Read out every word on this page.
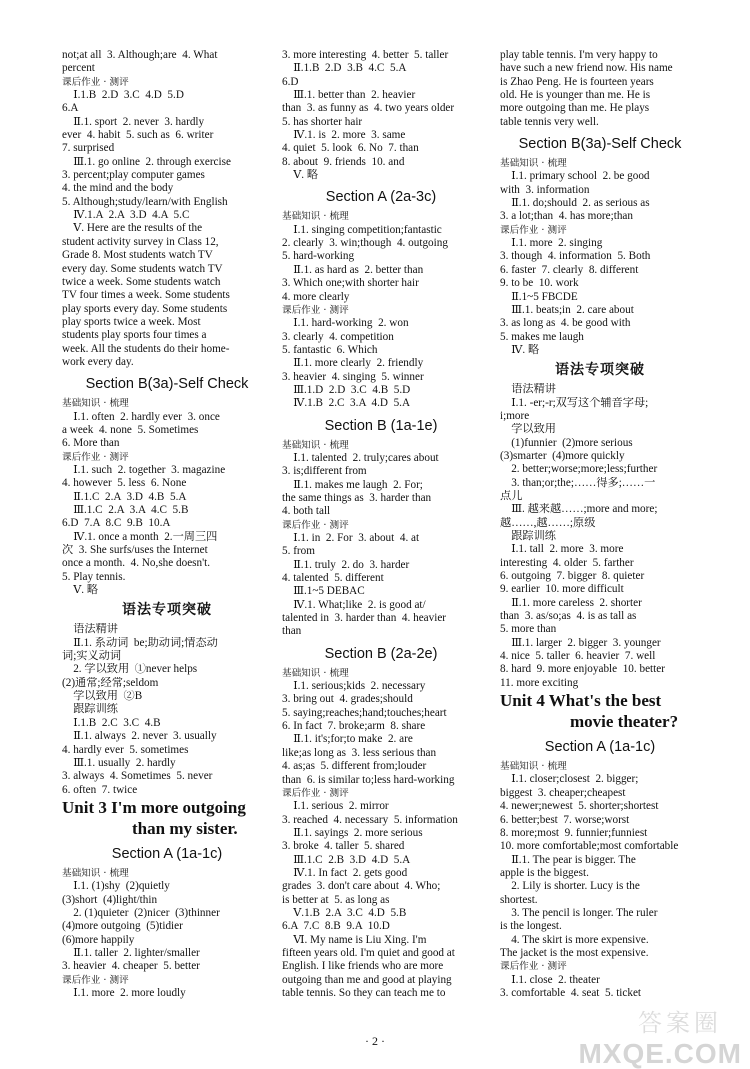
not;at all  3. Although;are  4. What
percent
课后作业 · 测评
Ⅰ.1.B  2.D  3.C  4.D  5.D
6.A
Ⅱ.1. sport  2. never  3. hardly
ever  4. habit  5. such as  6. writer
7. surprised
Ⅲ.1. go online  2. through exercise
3. percent;play computer games
4. the mind and the body
5. Although;study/learn/with English
Ⅳ.1.A  2.A  3.D  4.A  5.C
Ⅴ. Here are the results of the
student activity survey in Class 12,
Grade 8. Most students watch TV
every day. Some students watch TV
twice a week. Some students watch
TV four times a week. Some students
play sports every day. Some students
play sports twice a week. Most
students play sports four times a
week. All the students do their home-
work every day.
Section B(3a)-Self Check
基础知识 · 梳理
Ⅰ.1. often  2. hardly ever  3. once
a week  4. none  5. Sometimes
6. More than
课后作业 · 测评
Ⅰ.1. such  2. together  3. magazine
4. however  5. less  6. None
Ⅱ.1.C  2.A  3.D  4.B  5.A
Ⅲ.1.C  2.A  3.A  4.C  5.B
6.D  7.A  8.C  9.B  10.A
Ⅳ.1. once a month  2.一周三四
次  3. She surfs/uses the Internet
once a month.  4. No,she doesn't.
5. Play tennis.
Ⅴ. 略
语法专项突破
语法精讲
Ⅱ.1. 系动词  be;助动词;情态动
词;实义动词
2. 学以致用  ①never helps
(2)通常;经常;seldom
学以致用  ②B
跟踪训练
Ⅰ.1.B  2.C  3.C  4.B
Ⅱ.1. always  2. never  3. usually
4. hardly ever  5. sometimes
Ⅲ.1. usually  2. hardly
3. always  4. Sometimes  5. never
6. often  7. twice
Unit 3 I'm more outgoing
than my sister.
Section A (1a-1c)
基础知识 · 梳理
Ⅰ.1. (1)shy  (2)quietly
(3)short  (4)light/thin
2. (1)quieter  (2)nicer  (3)thinner
(4)more outgoing  (5)tidier
(6)more happily
Ⅱ.1. taller  2. lighter/smaller
3. heavier  4. cheaper  5. better
课后作业 · 测评
Ⅰ.1. more  2. more loudly
3. more interesting  4. better  5. taller
Ⅱ.1.B  2.D  3.B  4.C  5.A
6.D
Ⅲ.1. better than  2. heavier
than  3. as funny as  4. two years older
5. has shorter hair
Ⅳ.1. is  2. more  3. same
4. quiet  5. look  6. No  7. than
8. about  9. friends  10. and
Ⅴ. 略
Section A (2a-3c)
基础知识 · 梳理
Ⅰ.1. singing competition;fantastic
2. clearly  3. win;though  4. outgoing
5. hard-working
Ⅱ.1. as hard as  2. better than
3. Which one;with shorter hair
4. more clearly
课后作业 · 测评
Ⅰ.1. hard-working  2. won
3. clearly  4. competition
5. fantastic  6. Which
Ⅱ.1. more clearly  2. friendly
3. heavier  4. singing  5. winner
Ⅲ.1.D  2.D  3.C  4.B  5.D
Ⅳ.1.B  2.C  3.A  4.D  5.A
Section B (1a-1e)
基础知识 · 梳理
Ⅰ.1. talented  2. truly;cares about
3. is;different from
Ⅱ.1. makes me laugh  2. For;
the same things as  3. harder than
4. both tall
课后作业 · 测评
Ⅰ.1. in  2. For  3. about  4. at
5. from
Ⅱ.1. truly  2. do  3. harder
4. talented  5. different
Ⅲ.1~5 DEBAC
Ⅳ.1. What;like  2. is good at/
talented in  3. harder than  4. heavier
than
Section B (2a-2e)
基础知识 · 梳理
Ⅰ.1. serious;kids  2. necessary
3. bring out  4. grades;should
5. saying;reaches;hand;touches;heart
6. In fact  7. broke;arm  8. share
Ⅱ.1. it's;for;to make  2. are
like;as long as  3. less serious than
4. as;as  5. different from;louder
than  6. is similar to;less hard-working
课后作业 · 测评
Ⅰ.1. serious  2. mirror
3. reached  4. necessary  5. information
Ⅱ.1. sayings  2. more serious
3. broke  4. taller  5. shared
Ⅲ.1.C  2.B  3.D  4.D  5.A
Ⅳ.1. In fact  2. gets good
grades  3. don't care about  4. Who;
is better at  5. as long as
Ⅴ.1.B  2.A  3.C  4.D  5.B
6.A  7.C  8.B  9.A  10.D
Ⅵ. My name is Liu Xing. I'm
fifteen years old. I'm quiet and good at
English. I like friends who are more
outgoing than me and good at playing
table tennis. So they can teach me to
play table tennis. I'm very happy to
have such a new friend now. His name
is Zhao Peng. He is fourteen years
old. He is younger than me. He is
more outgoing than me. He plays
table tennis very well.
Section B(3a)-Self Check
基础知识 · 梳理
Ⅰ.1. primary school  2. be good
with  3. information
Ⅱ.1. do;should  2. as serious as
3. a lot;than  4. has more;than
课后作业 · 测评
Ⅰ.1. more  2. singing
3. though  4. information  5. Both
6. faster  7. clearly  8. different
9. to be  10. work
Ⅱ.1~5 FBCDE
Ⅲ.1. beats;in  2. care about
3. as long as  4. be good with
5. makes me laugh
Ⅳ. 略
语法专项突破
语法精讲
Ⅰ.1. -er;-r;双写这个辅音字母;
i;more
学以致用
(1)funnier  (2)more serious
(3)smarter  (4)more quickly
2. better;worse;more;less;further
3. than;or;the;……得多;……一
点儿
Ⅲ. 越来越……;more and more;
越……,越……;原级
跟踪训练
Ⅰ.1. tall  2. more  3. more
interesting  4. older  5. farther
6. outgoing  7. bigger  8. quieter
9. earlier  10. more difficult
Ⅱ.1. more careless  2. shorter
than  3. as/so;as  4. is as tall as
5. more than
Ⅲ.1. larger  2. bigger  3. younger
4. nice  5. taller  6. heavier  7. well
8. hard  9. more enjoyable  10. better
11. more exciting
Unit 4 What's the best
movie theater?
Section A (1a-1c)
基础知识 · 梳理
Ⅰ.1. closer;closest  2. bigger;
biggest  3. cheaper;cheapest
4. newer;newest  5. shorter;shortest
6. better;best  7. worse;worst
8. more;most  9. funnier;funniest
10. more comfortable;most comfortable
Ⅱ.1. The pear is bigger. The
apple is the biggest.
2. Lily is shorter. Lucy is the
shortest.
3. The pencil is longer. The ruler
is the longest.
4. The skirt is more expensive.
The jacket is the most expensive.
课后作业 · 测评
Ⅰ.1. close  2. theater
3. comfortable  4. seat  5. ticket
· 2 ·
答案圈
MXQE.COM
